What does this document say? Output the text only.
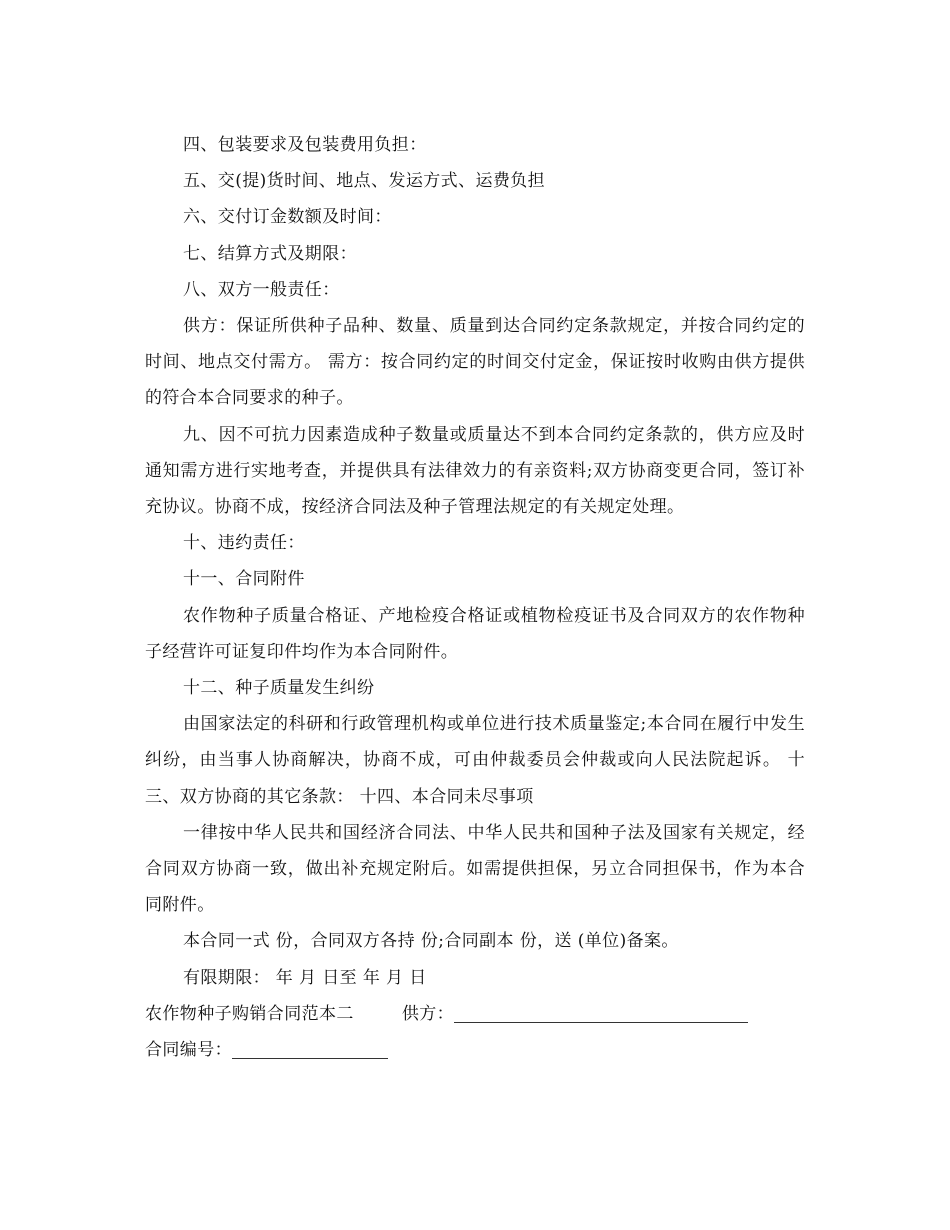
四、包装要求及包装费用负担：

五、交(提)货时间、地点、发运方式、运费负担

六、交付订金数额及时间：

七、结算方式及期限：

八、双方一般责任：

供方：保证所供种子品种、数量、质量到达合同约定条款规定，并按合同约定的时间、地点交付需方。 需方：按合同约定的时间交付定金，保证按时收购由供方提供的符合本合同要求的种子。

九、因不可抗力因素造成种子数量或质量达不到本合同约定条款的，供方应及时通知需方进行实地考查，并提供具有法律效力的有亲资料;双方协商变更合同，签订补充协议。协商不成，按经济合同法及种子管理法规定的有关规定处理。

十、违约责任：

十一、合同附件

农作物种子质量合格证、产地检疫合格证或植物检疫证书及合同双方的农作物种子经营许可证复印件均作为本合同附件。

十二、种子质量发生纠纷

由国家法定的科研和行政管理机构或单位进行技术质量鉴定;本合同在履行中发生纠纷，由当事人协商解决，协商不成，可由仲裁委员会仲裁或向人民法院起诉。 十三、双方协商的其它条款： 十四、本合同未尽事项

一律按中华人民共和国经济合同法、中华人民共和国种子法及国家有关规定，经合同双方协商一致，做出补充规定附后。如需提供担保，另立合同担保书，作为本合同附件。

本合同一式 份，合同双方各持 份;合同副本 份，送 (单位)备案。

有限期限： 年 月 日至 年 月 日

农作物种子购销合同范本二	供方：

合同编号：
